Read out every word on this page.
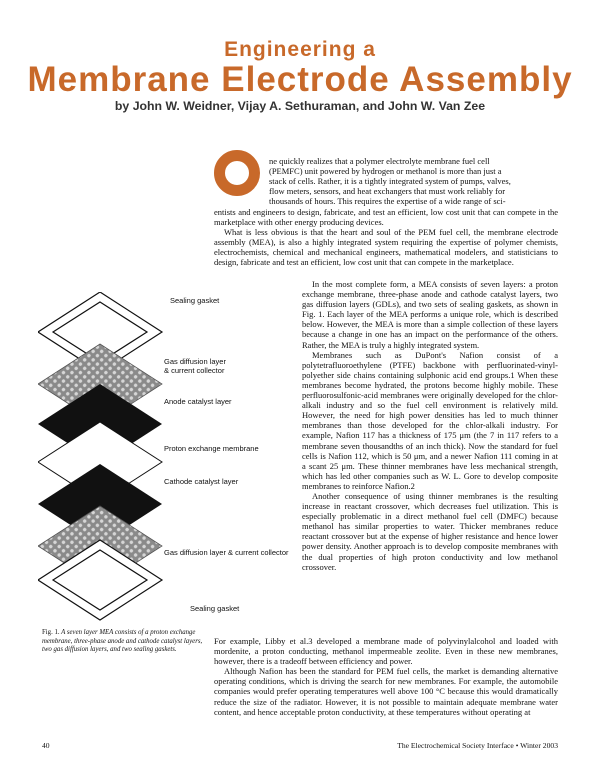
Engineering a
Membrane Electrode Assembly
by John W. Weidner, Vijay A. Sethuraman, and John W. Van Zee

ne quickly realizes that a polymer electrolyte membrane fuel cell

(PEMFC) unit powered by hydrogen or methanol is more than just a

stack of cells. Rather, it is a tightly integrated system of pumps, valves,

flow meters, sensors, and heat exchangers that must work reliably for

thousands of hours. This requires the expertise of a wide range of sci-

entists and engineers to design, fabricate, and test an efficient, low cost unit that can compete in the marketplace with other energy producing devices.

What is less obvious is that the heart and soul of the PEM fuel cell, the membrane electrode assembly (MEA), is also a highly integrated system requiring the expertise of polymer chemists, electrochemists, chemical and mechanical engineers, mathematical modelers, and statisticians to design, fabricate and test an efficient, low cost unit that can compete in the marketplace.

In the most complete form, a MEA consists of seven layers: a proton exchange membrane, three-phase anode and cathode catalyst layers, two gas diffusion layers (GDLs), and two sets of sealing gaskets, as shown in Fig. 1. Each layer of the MEA performs a unique role, which is described below. However, the MEA is more than a simple collection of these layers because a change in one has an impact on the performance of the others. Rather, the MEA is truly a highly integrated system.

Membranes such as DuPont's Nafion consist of a polytetrafluoroethylene (PTFE) backbone with perfluorinated-vinyl-polyether side chains containing sulphonic acid end groups.1 When these membranes become hydrated, the protons become highly mobile. These perfluorosulfonic-acid membranes were originally developed for the chlor-alkali industry and so the fuel cell environment is relatively mild. However, the need for high power densities has led to much thinner membranes than those developed for the chlor-alkali industry. For example, Nafion 117 has a thickness of 175 μm (the 7 in 117 refers to a membrane seven thousandths of an inch thick). Now the standard for fuel cells is Nafion 112, which is 50 μm, and a newer Nafion 111 coming in at a scant 25 μm. These thinner membranes have less mechanical strength, which has led other companies such as W. L. Gore to develop composite membranes to reinforce Nafion.2

Another consequence of using thinner membranes is the resulting increase in reactant crossover, which decreases fuel utilization. This is especially problematic in a direct methanol fuel cell (DMFC) because methanol has similar properties to water. Thicker membranes reduce reactant crossover but at the expense of higher resistance and hence lower power density. Another approach is to develop composite membranes with the dual properties of high proton conductivity and low methanol crossover.

Sealing gasket
Gas diffusion layer
& current collector
Anode catalyst layer
Proton exchange membrane
Cathode catalyst layer
Gas diffusion layer & current collector
Sealing gasket
Fig. 1. A seven layer MEA consists of a proton exchange membrane, three-phase anode and cathode catalyst layers, two gas diffusion layers, and two sealing gaskets.

For example, Libby et al.3 developed a membrane made of polyvinylalcohol and loaded with mordenite, a proton conducting, methanol impermeable zeolite. Even in these new membranes, however, there is a tradeoff between efficiency and power.

Although Nafion has been the standard for PEM fuel cells, the market is demanding alternative operating conditions, which is driving the search for new membranes. For example, the automobile companies would prefer operating temperatures well above 100 °C because this would dramatically reduce the size of the radiator. However, it is not possible to maintain adequate membrane water content, and hence acceptable proton conductivity, at these temperatures without operating at

40	The Electrochemical Society Interface • Winter 2003
